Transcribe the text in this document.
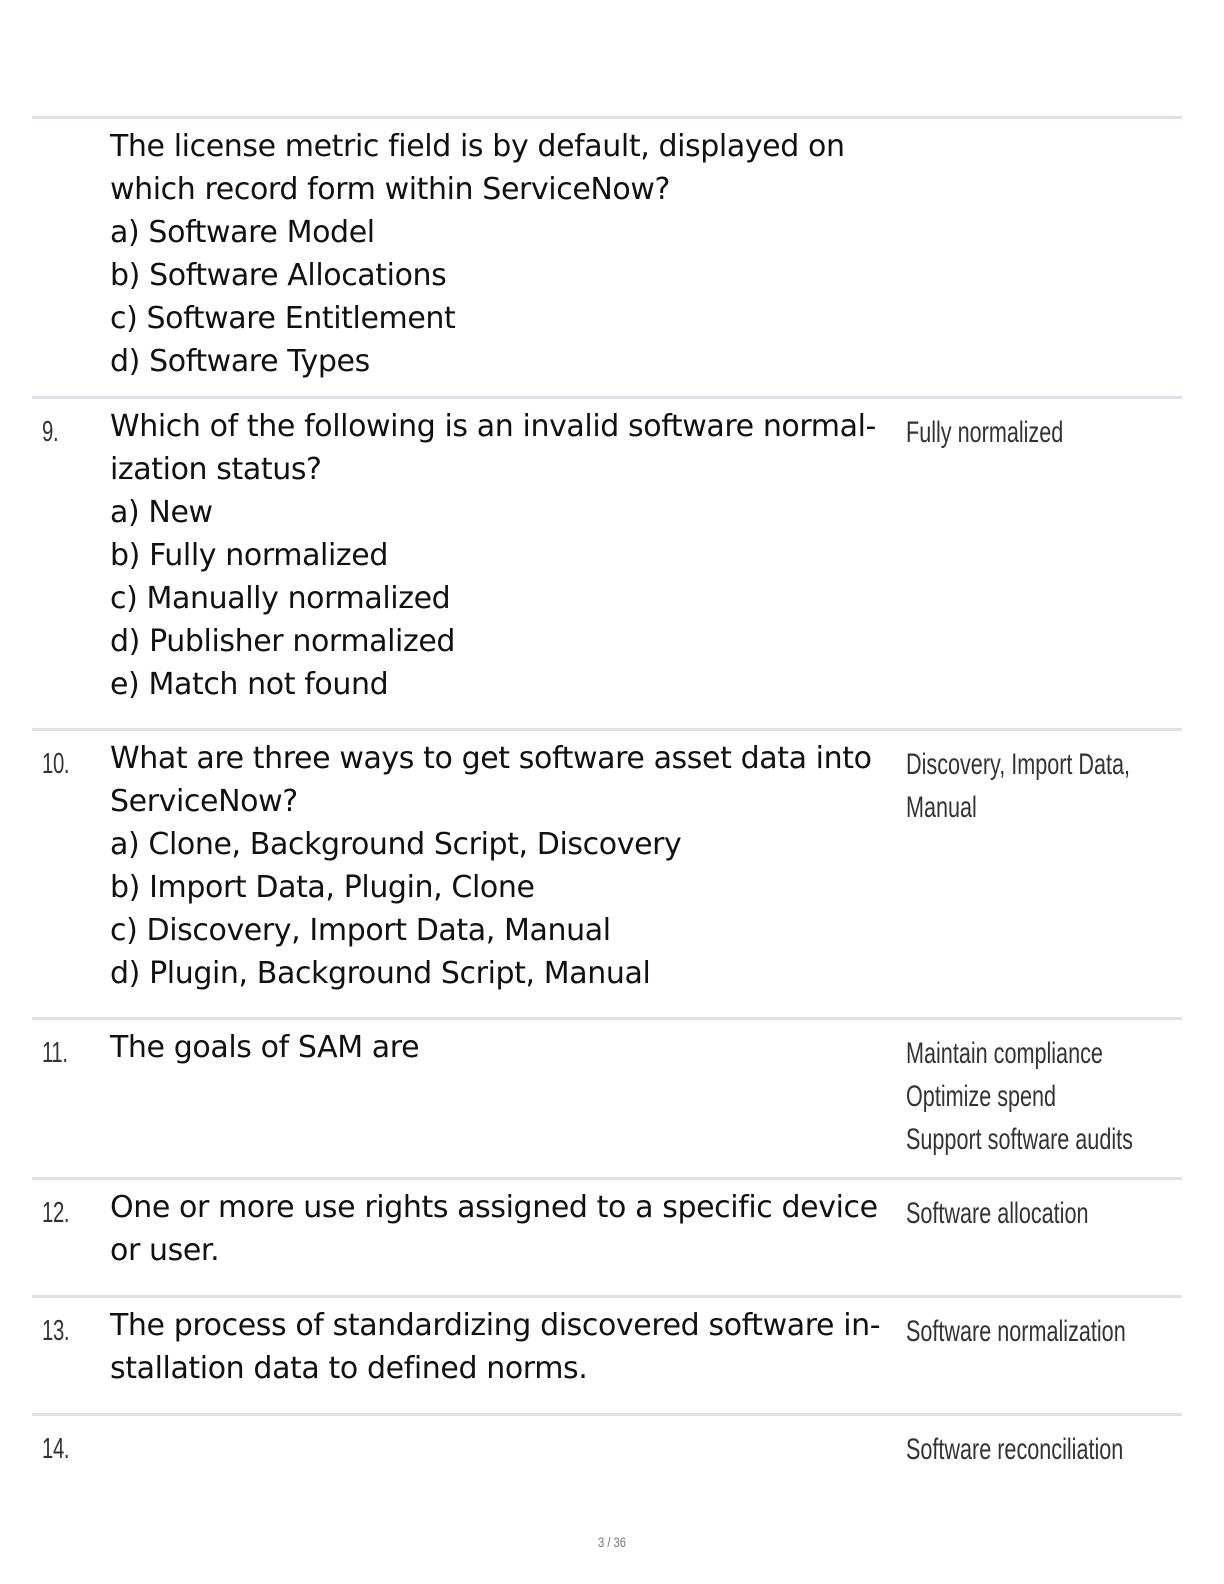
The license metric field is by default, displayed on
which record form within ServiceNow?
a) Software Model
b) Software Allocations
c) Software Entitlement
d) Software Types
9. Which of the following is an invalid software normal-
ization status?
a) New
b) Fully normalized
c) Manually normalized
d) Publisher normalized
e) Match not found
Fully normalized
10. What are three ways to get software asset data into
ServiceNow?
a) Clone, Background Script, Discovery
b) Import Data, Plugin, Clone
c) Discovery, Import Data, Manual
d) Plugin, Background Script, Manual
Discovery, Import Data,
Manual
11. The goals of SAM are	Maintain compliance
Optimize spend
Support software audits
12. One or more use rights assigned to a specific device
or user.
Software allocation
13. The process of standardizing discovered software in-
stallation data to defined norms.
Software normalization
14.	Software reconciliation
3 / 36
